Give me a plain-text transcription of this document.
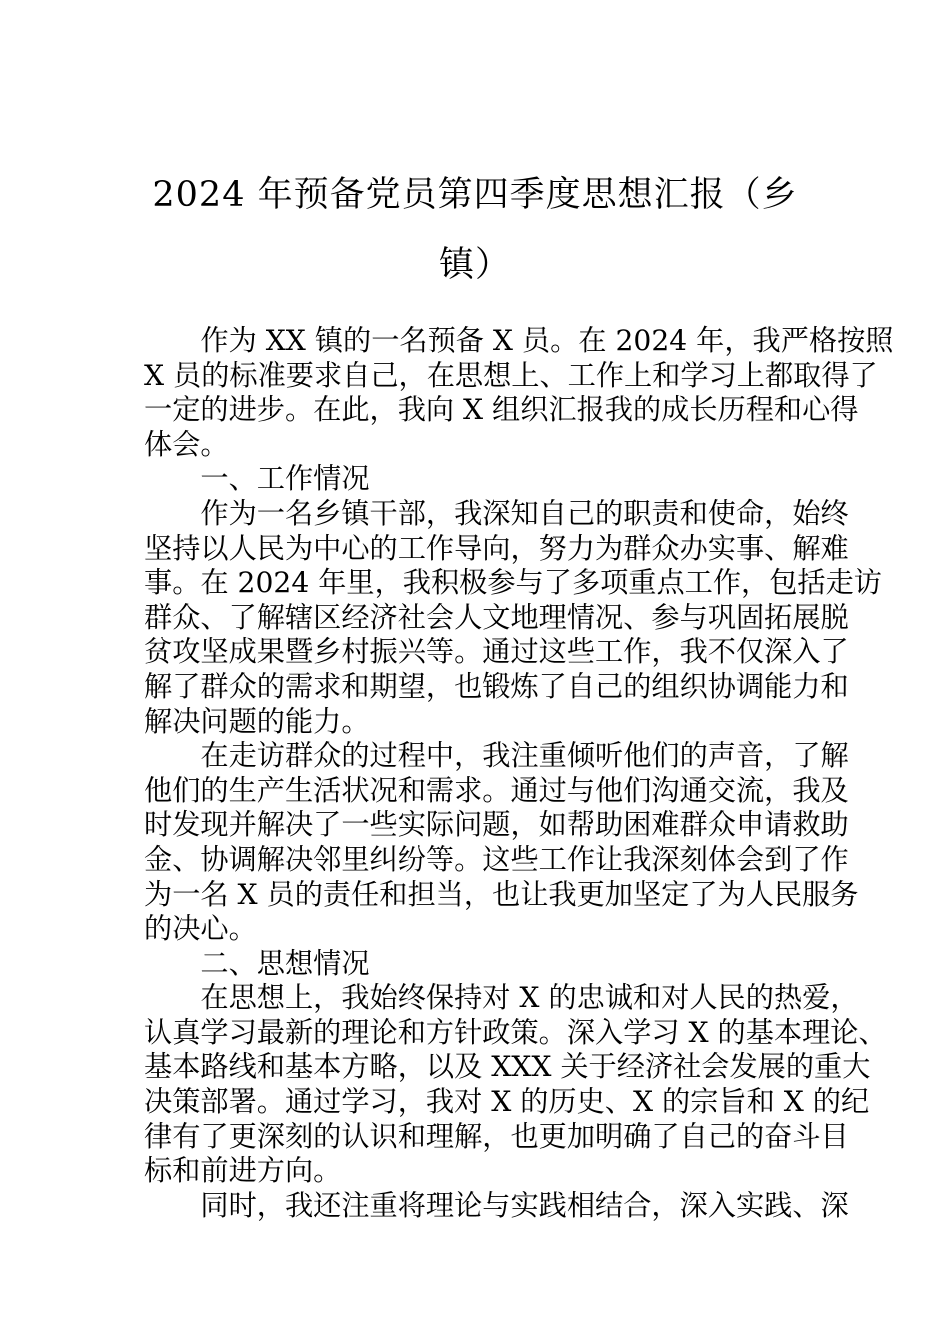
2024 年预备党员第四季度思想汇报（乡
镇）
作为 XX 镇的一名预备 X 员。在 2024 年，我严格按照
X 员的标准要求自己，在思想上、工作上和学习上都取得了
一定的进步。在此，我向 X 组织汇报我的成长历程和心得
体会。
一、工作情况
作为一名乡镇干部，我深知自己的职责和使命，始终
坚持以人民为中心的工作导向，努力为群众办实事、解难
事。在 2024 年里，我积极参与了多项重点工作，包括走访
群众、了解辖区经济社会人文地理情况、参与巩固拓展脱
贫攻坚成果暨乡村振兴等。通过这些工作，我不仅深入了
解了群众的需求和期望，也锻炼了自己的组织协调能力和
解决问题的能力。
在走访群众的过程中，我注重倾听他们的声音，了解
他们的生产生活状况和需求。通过与他们沟通交流，我及
时发现并解决了一些实际问题，如帮助困难群众申请救助
金、协调解决邻里纠纷等。这些工作让我深刻体会到了作
为一名 X 员的责任和担当，也让我更加坚定了为人民服务
的决心。
二、思想情况
在思想上，我始终保持对 X 的忠诚和对人民的热爱，
认真学习最新的理论和方针政策。深入学习 X 的基本理论、
基本路线和基本方略，以及 XXX 关于经济社会发展的重大
决策部署。通过学习，我对 X 的历史、X 的宗旨和 X 的纪
律有了更深刻的认识和理解，也更加明确了自己的奋斗目
标和前进方向。
同时，我还注重将理论与实践相结合，深入实践、深
